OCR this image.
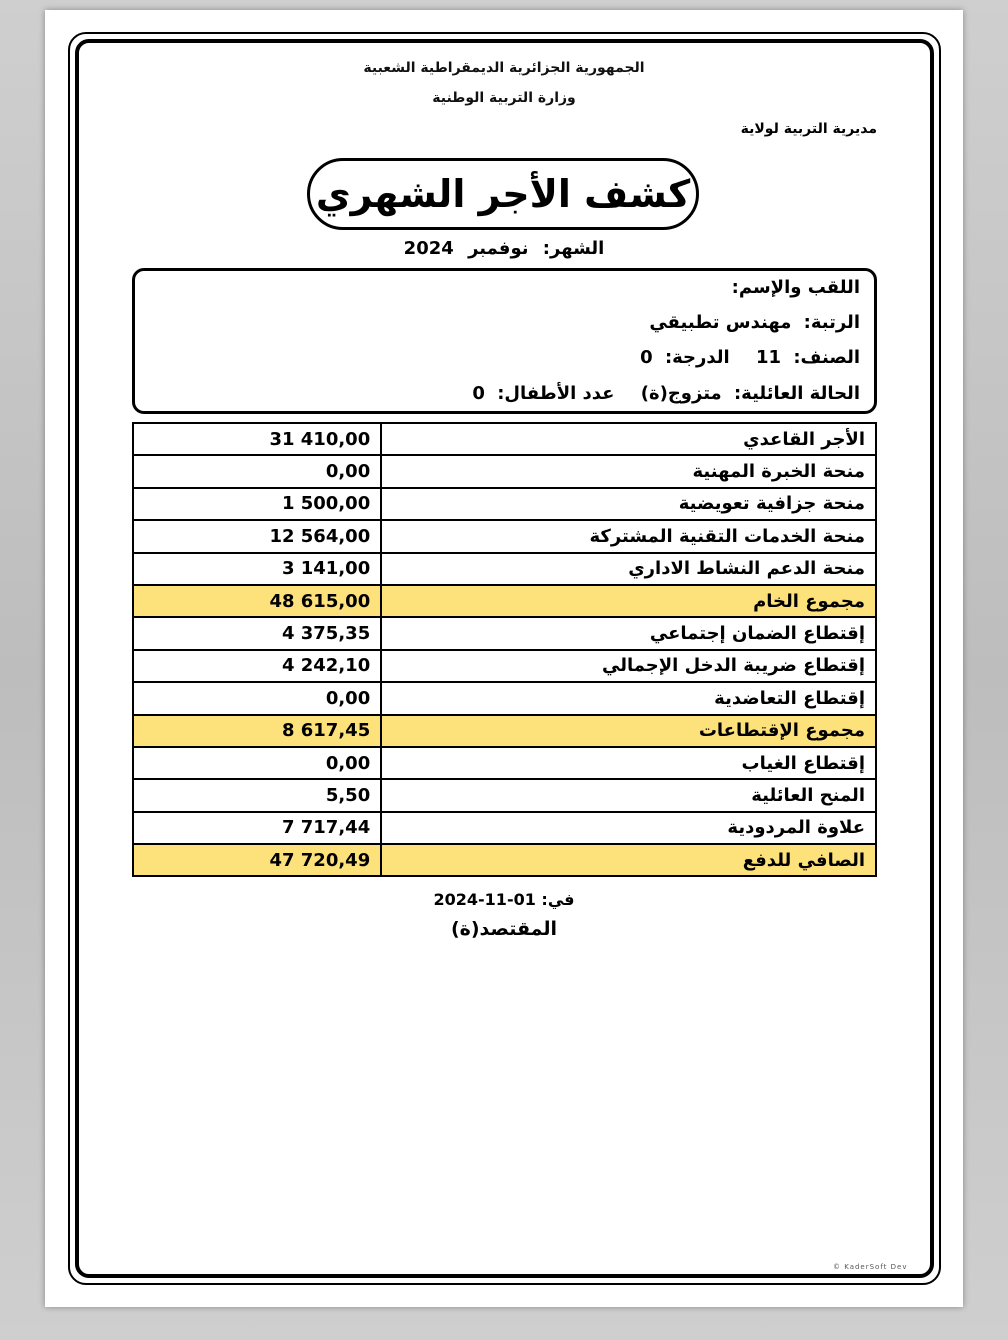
الجمهورية الجزائرية الديمقراطية الشعبية
وزارة التربية الوطنية
مديرية التربية لولاية
كشف الأجر الشهري
الشهر: نوفمبر 2024
اللقب والإسم:
الرتبة: مهندس تطبيقي
الصنف: 11 الدرجة: 0
الحالة العائلية: متزوج(ة) عدد الأطفال: 0
الأجر القاعدي	31 410,00
منحة الخبرة المهنية	0,00
منحة جزافية تعويضية	1 500,00
منحة الخدمات التقنية المشتركة	12 564,00
منحة الدعم النشاط الاداري	3 141,00
مجموع الخام	48 615,00
إقتطاع الضمان إجتماعي	4 375,35
إقتطاع ضريبة الدخل الإجمالي	4 242,10
إقتطاع التعاضدية	0,00
مجموع الإقتطاعات	8 617,45
إقتطاع الغياب	0,00
المنح العائلية	5,50
علاوة المردودية	7 717,44
الصافي للدفع	47 720,49
في: 2024-11-01
المقتصد(ة)
© KaderSoft Dev
